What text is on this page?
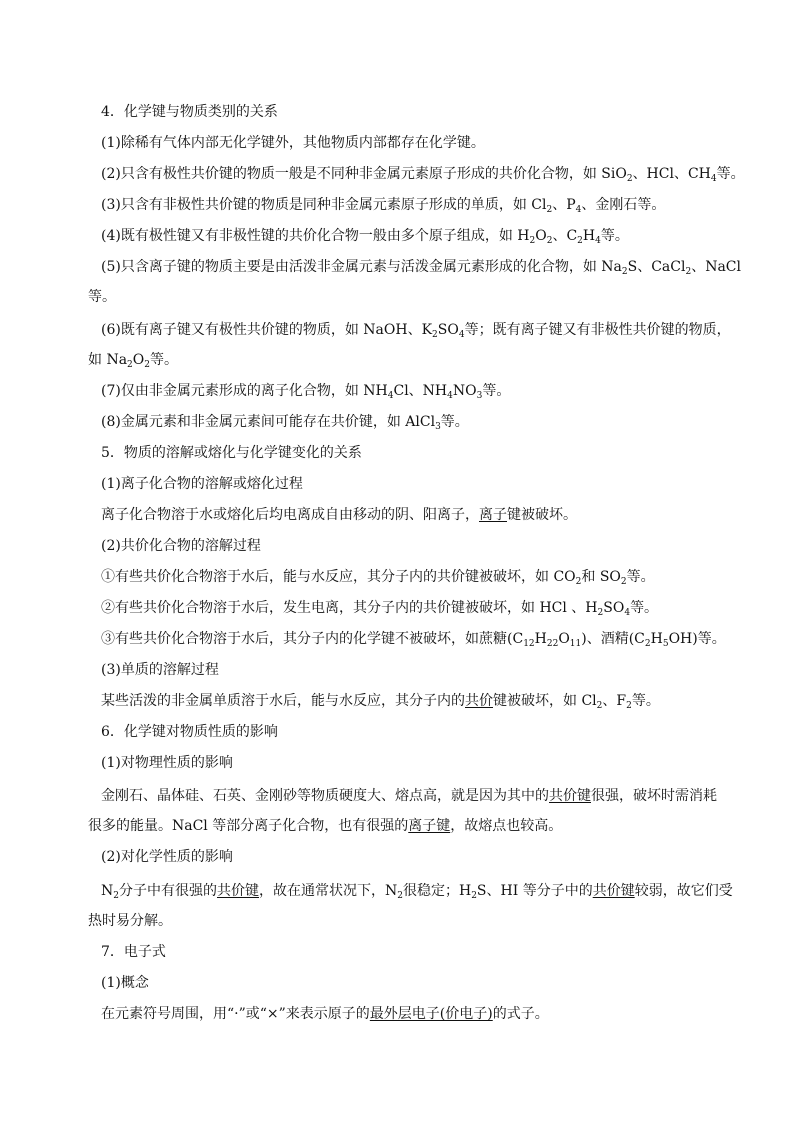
4．化学键与物质类别的关系
(1)除稀有气体内部无化学键外，其他物质内部都存在化学键。
(2)只含有极性共价键的物质一般是不同种非金属元素原子形成的共价化合物，如 SiO$_2$、HCl、$CH_4$等。
(3)只含有非极性共价键的物质是同种非金属元素原子形成的单质，如 $Cl_2$、$P_4$、金刚石等。
(4)既有极性键又有非极性键的共价化合物一般由多个原子组成，如 $H_2O_2$、$C_2H_4$等。
(5)只含离子键的物质主要是由活泼非金属元素与活泼金属元素形成的化合物，如 $Na_2S$、CaCl$_2$、NaCl
等。
(6)既有离子键又有极性共价键的物质，如 NaOH、$K_2SO_4$等；既有离子键又有非极性共价键的物质，
如 $Na_2O_2$等。
(7)仅由非金属元素形成的离子化合物，如 $NH_4Cl$、$NH_4NO_3$等。
(8)金属元素和非金属元素间可能存在共价键，如 AlCl$_3$等。
5．物质的溶解或熔化与化学键变化的关系
(1)离子化合物的溶解或熔化过程
离子化合物溶于水或熔化后均电离成自由移动的阴、阳离子，离子键被破坏。
(2)共价化合物的溶解过程
①有些共价化合物溶于水后，能与水反应，其分子内的共价键被破坏，如 $CO_2$和 $SO_2$等。
②有些共价化合物溶于水后，发生电离，其分子内的共价键被破坏，如 HCl 、$H_2SO_4$等。
③有些共价化合物溶于水后，其分子内的化学键不被破坏，如蔗糖$(C_{12}H_{22}O_{11})$、酒精$(C_2H_5OH)$等。
(3)单质的溶解过程
某些活泼的非金属单质溶于水后，能与水反应，其分子内的共价键被破坏，如 $Cl_2$、$F_2$等。
6．化学键对物质性质的影响
(1)对物理性质的影响
金刚石、晶体硅、石英、金刚砂等物质硬度大、熔点高，就是因为其中的共价键很强，破坏时需消耗
很多的能量。NaCl 等部分离子化合物，也有很强的离子键，故熔点也较高。
(2)对化学性质的影响
$N_2$分子中有很强的共价键，故在通常状况下，$N_2$很稳定；$H_2S$、HI 等分子中的共价键较弱，故它们受
热时易分解。
7．电子式
(1)概念
在元素符号周围，用“·”或“×”来表示原子的最外层电子(价电子)的式子。
